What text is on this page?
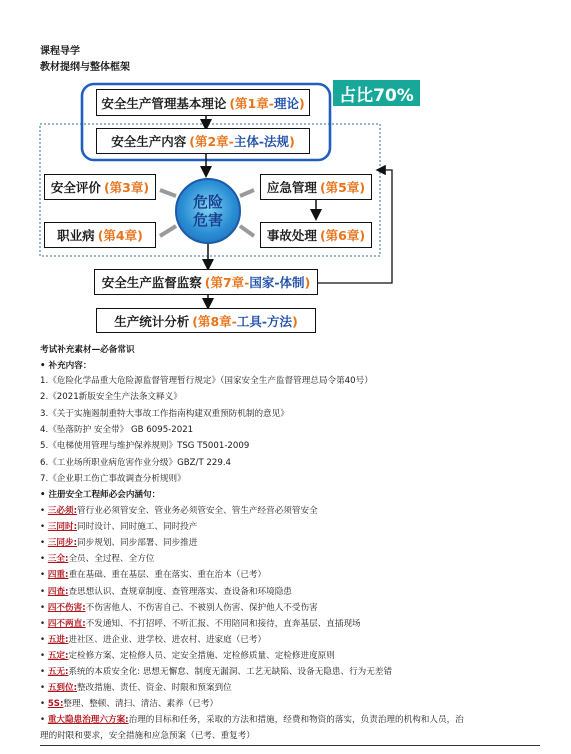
课程导学
教材提纲与整体框架
占比70%
安全生产管理基本理论 (第1章-理论)
安全生产内容 (第2章-主体-法规)
安全评价 (第3章)
职业病 (第4章)
应急管理 (第5章)
事故处理 (第6章)
危险
危害
安全生产监督监察 (第7章-国家-体制)
生产统计分析 (第8章-工具-方法)
考试补充素材—必备常识
• 补充内容：
1.《危险化学品重大危险源监督管理暂行规定》（国家安全生产监督管理总局令第40号）
2.《2021新版安全生产法条文释义》
3.《关于实施遏制重特大事故工作指南构建双重预防机制的意见》
4.《坠落防护 安全带》 GB 6095-2021
5.《电梯使用管理与维护保养规则》TSG T5001-2009
6.《工业场所职业病危害作业分级》GBZ/T 229.4
7.《企业职工伤亡事故调查分析规则》
• 注册安全工程师必会内涵句：
• 三必须:管行业必须管安全、管业务必须管安全、管生产经营必须管安全
• 三同时:同时设计、同时施工、同时投产
• 三同步:同步规划、同步部署、同步推进
• 三全:全员、全过程、全方位
• 四重:重在基础、重在基层、重在落实、重在治本（已考）
• 四查:查思想认识、查规章制度、查管理落实、查设备和环境隐患
• 四不伤害:不伤害他人、不伤害自己、不被别人伤害、保护他人不受伤害
• 四不两直:不发通知、不打招呼、不听汇报、不用陪同和接待，直奔基层、直插现场
• 五进:进社区、进企业、进学校、进农村、进家庭（已考）
• 五定:定检修方案、定检修人员、定安全措施、定检修质量、定检修进度原则
• 五无:系统的本质安全化: 思想无懈怠、制度无漏洞、工艺无缺陷、设备无隐患、行为无差错
• 五到位:整改措施、责任、资金、时限和预案到位
• 5S:整理、整顿、清扫、清洁、素养（已考）
• 重大隐患治理六方案:治理的目标和任务，采取的方法和措施，经费和物资的落实，负责治理的机构和人员，治
理的时限和要求，安全措施和应急预案（已考、重复考）
